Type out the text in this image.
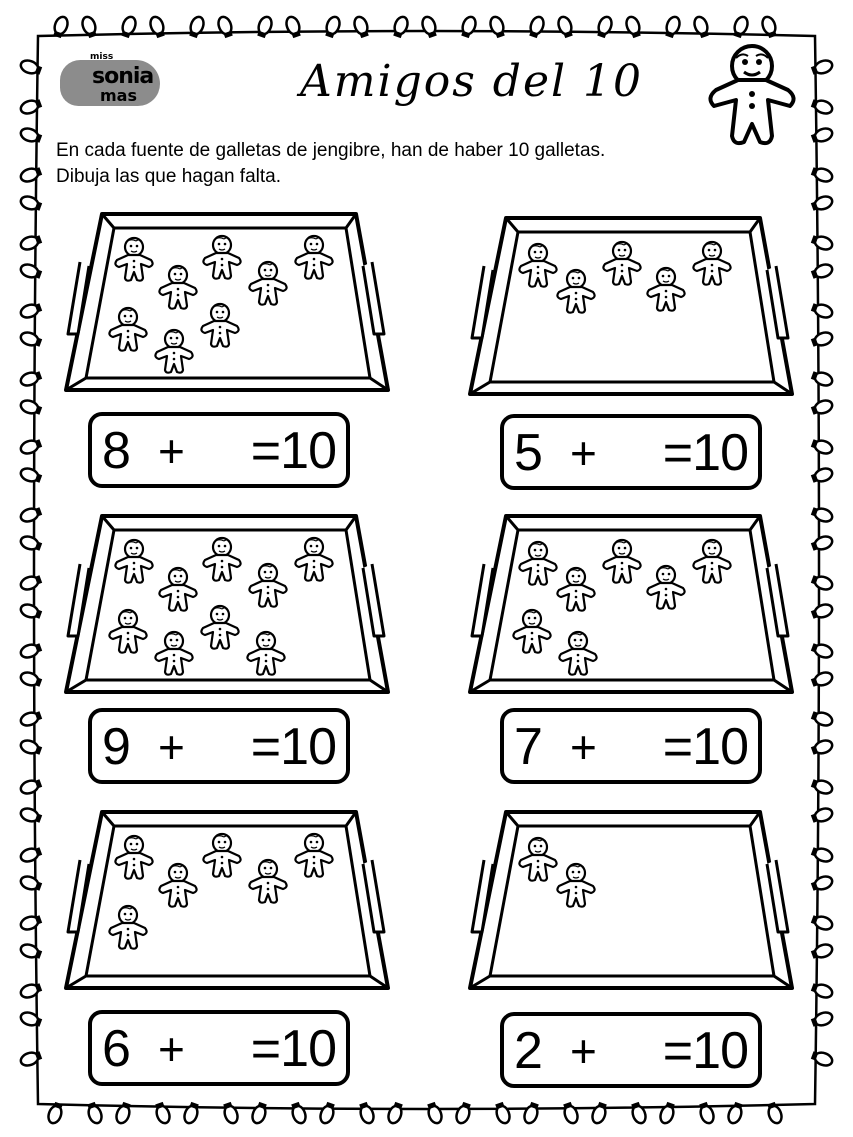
miss
sonia
mas	Amigos del 10
En cada fuente de galletas de jengibre, han de haber 10 galletas.
Dibuja las que hagan falta.
8 + =10	5 + =10
9 + =10	7 + =10
6 + =10	2 + =10
